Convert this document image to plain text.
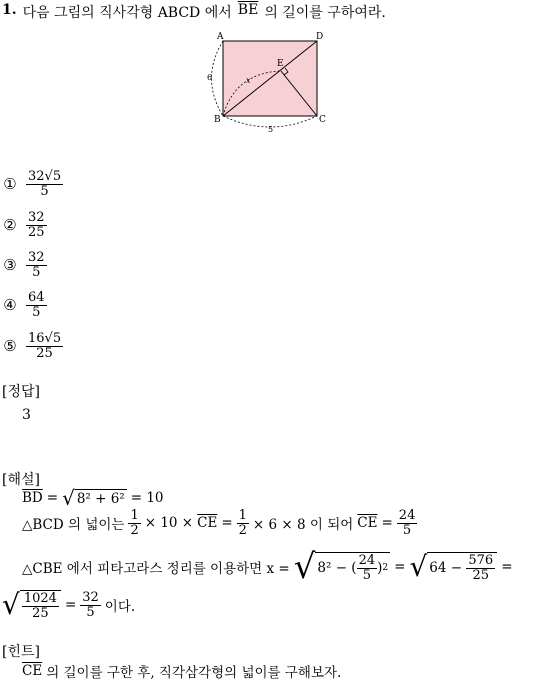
1. 다음 그림의 직사각형 ABCD 에서 $\overline{BE}$ 의 길이를 구하여라.
A	D
B	C
E
6
5
x
① $\frac{32√5}{5}$
② $\frac{32}{25}$
③ $\frac{32}{5}$
④ $\frac{64}{5}$
⑤ $\frac{16√5}{25}$
[정답]
3
[해설]
$\overline{BD}$ = √ 8² + 6² = 10
△BCD 의 넓이는 $\frac{1}{2} \times 10 \times \overline{CE} = \frac{1}{2} \times 6 \times 8$ 이 되어 $\overline{CE} = \frac{24}{5}$
△CBE 에서 피타고라스 정리를 이용하면 x = √ 8² − ( $\frac{24}{5}$ ) 2 = √ 64 −
$\frac{576}{25}$ =
√ $\frac{1024}{25} = \frac{32}{5}$ 이다.
[힌트]
$\overline{CE}$ 의 길이를 구한 후, 직각삼각형의 넓이를 구해보자.
